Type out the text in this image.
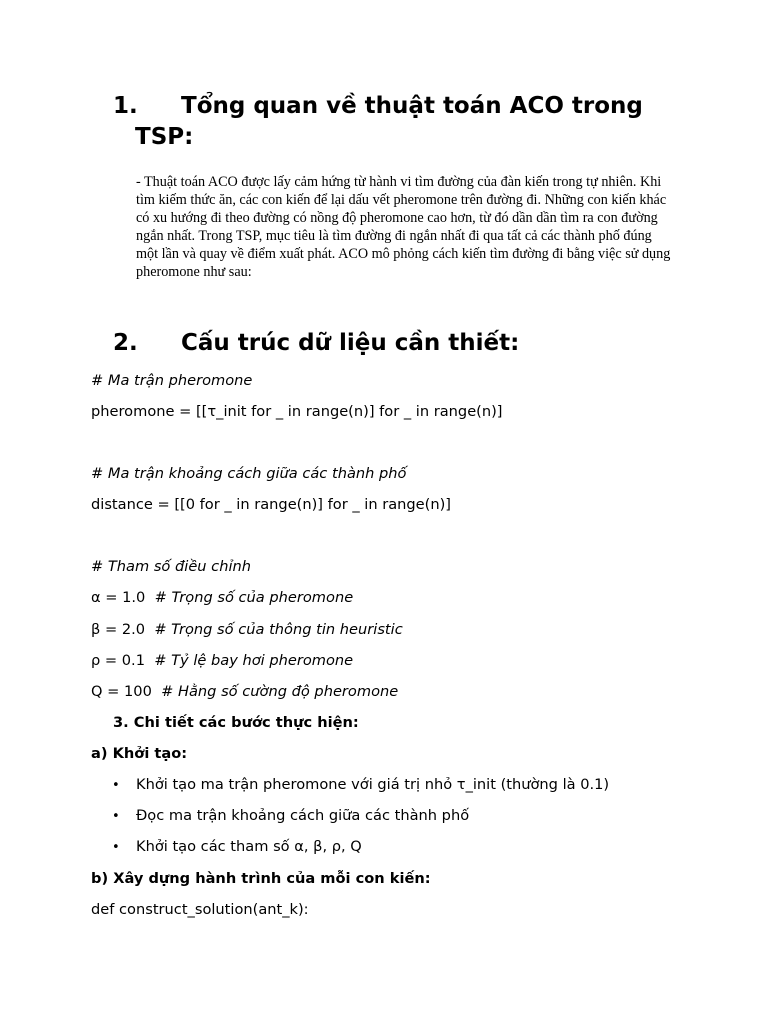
1. Tổng quan về thuật toán ACO trong
TSP:

- Thuật toán ACO được lấy cảm hứng từ hành vi tìm đường của đàn kiến trong tự nhiên. Khi tìm kiếm thức ăn, các con kiến để lại dấu vết pheromone trên đường đi. Những con kiến khác có xu hướng đi theo đường có nồng độ pheromone cao hơn, từ đó dần dần tìm ra con đường ngắn nhất. Trong TSP, mục tiêu là tìm đường đi ngắn nhất đi qua tất cả các thành phố đúng một lần và quay về điểm xuất phát. ACO mô phỏng cách kiến tìm đường đi bằng việc sử dụng pheromone như sau:

2. Cấu trúc dữ liệu cần thiết:
# Ma trận pheromone
pheromone = [[τ_init for _ in range(n)] for _ in range(n)]
# Ma trận khoảng cách giữa các thành phố
distance = [[0 for _ in range(n)] for _ in range(n)]
# Tham số điều chỉnh
α = 1.0  # Trọng số của pheromone
β = 2.0  # Trọng số của thông tin heuristic
ρ = 0.1  # Tỷ lệ bay hơi pheromone
Q = 100  # Hằng số cường độ pheromone
3. Chi tiết các bước thực hiện:
a) Khởi tạo:
• Khởi tạo ma trận pheromone với giá trị nhỏ τ_init (thường là 0.1)
• Đọc ma trận khoảng cách giữa các thành phố
• Khởi tạo các tham số α, β, ρ, Q
b) Xây dựng hành trình của mỗi con kiến:
def construct_solution(ant_k):
